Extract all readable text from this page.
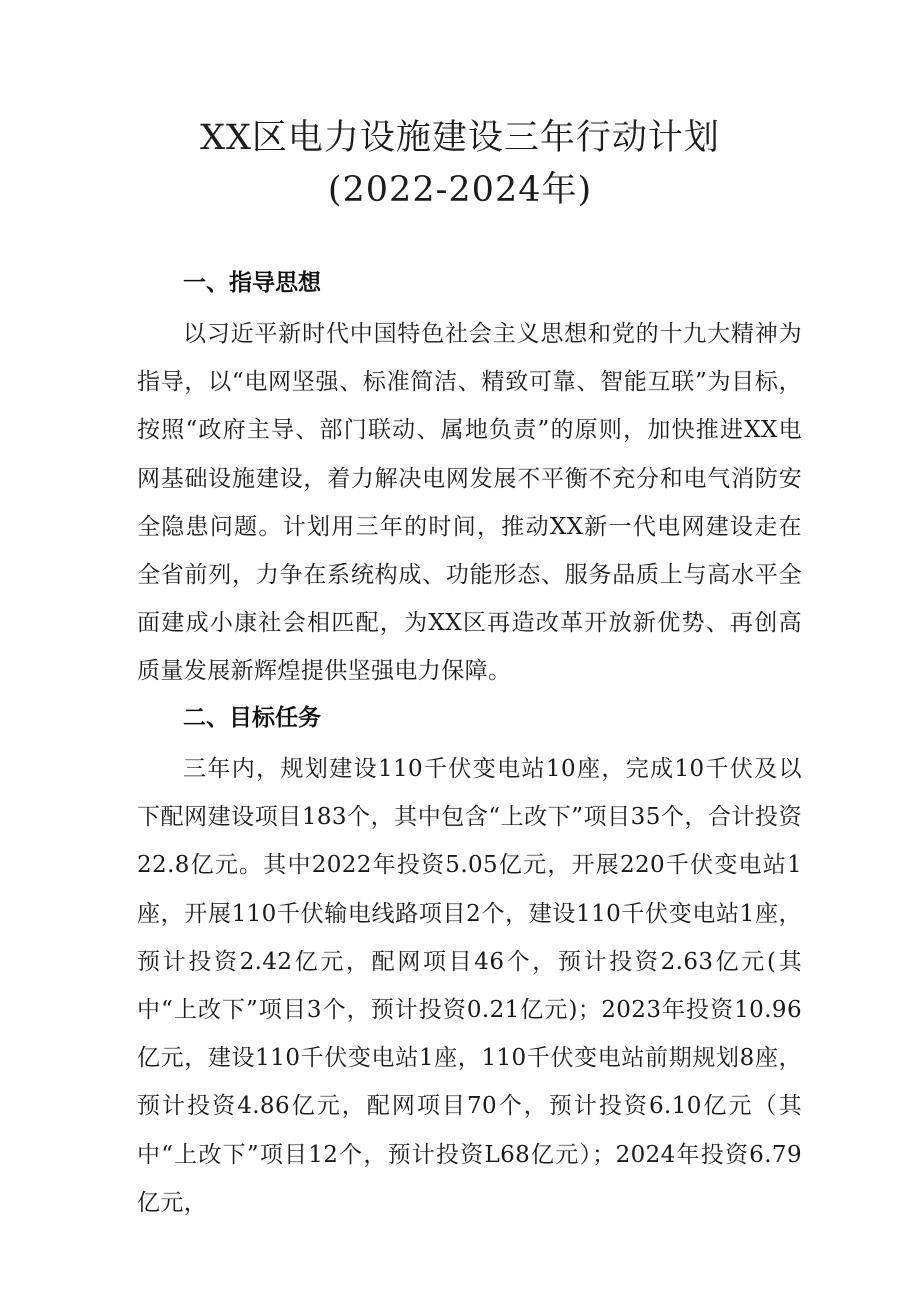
XX区电力设施建设三年行动计划
(2022-2024年)
一、指导思想

以习近平新时代中国特色社会主义思想和党的十九大精神为指导，以“电网坚强、标准简洁、精致可靠、智能互联”为目标，按照“政府主导、部门联动、属地负责”的原则，加快推进XX电网基础设施建设，着力解决电网发展不平衡不充分和电气消防安全隐患问题。计划用三年的时间，推动XX新一代电网建设走在全省前列，力争在系统构成、功能形态、服务品质上与高水平全面建成小康社会相匹配，为XX区再造改革开放新优势、再创高质量发展新辉煌提供坚强电力保障。

二、目标任务

三年内，规划建设110千伏变电站10座，完成10千伏及以下配网建设项目183个，其中包含“上改下”项目35个，合计投资22.8亿元。其中2022年投资5.05亿元，开展220千伏变电站1座，开展110千伏输电线路项目2个，建设110千伏变电站1座，预计投资2.42亿元，配网项目46个，预计投资2.63亿元(其中“上改下”项目3个，预计投资0.21亿元)；2023年投资10.96亿元，建设110千伏变电站1座，110千伏变电站前期规划8座，预计投资4.86亿元，配网项目70个，预计投资6.10亿元（其中“上改下”项目12个，预计投资L68亿元）；2024年投资6.79亿元，
